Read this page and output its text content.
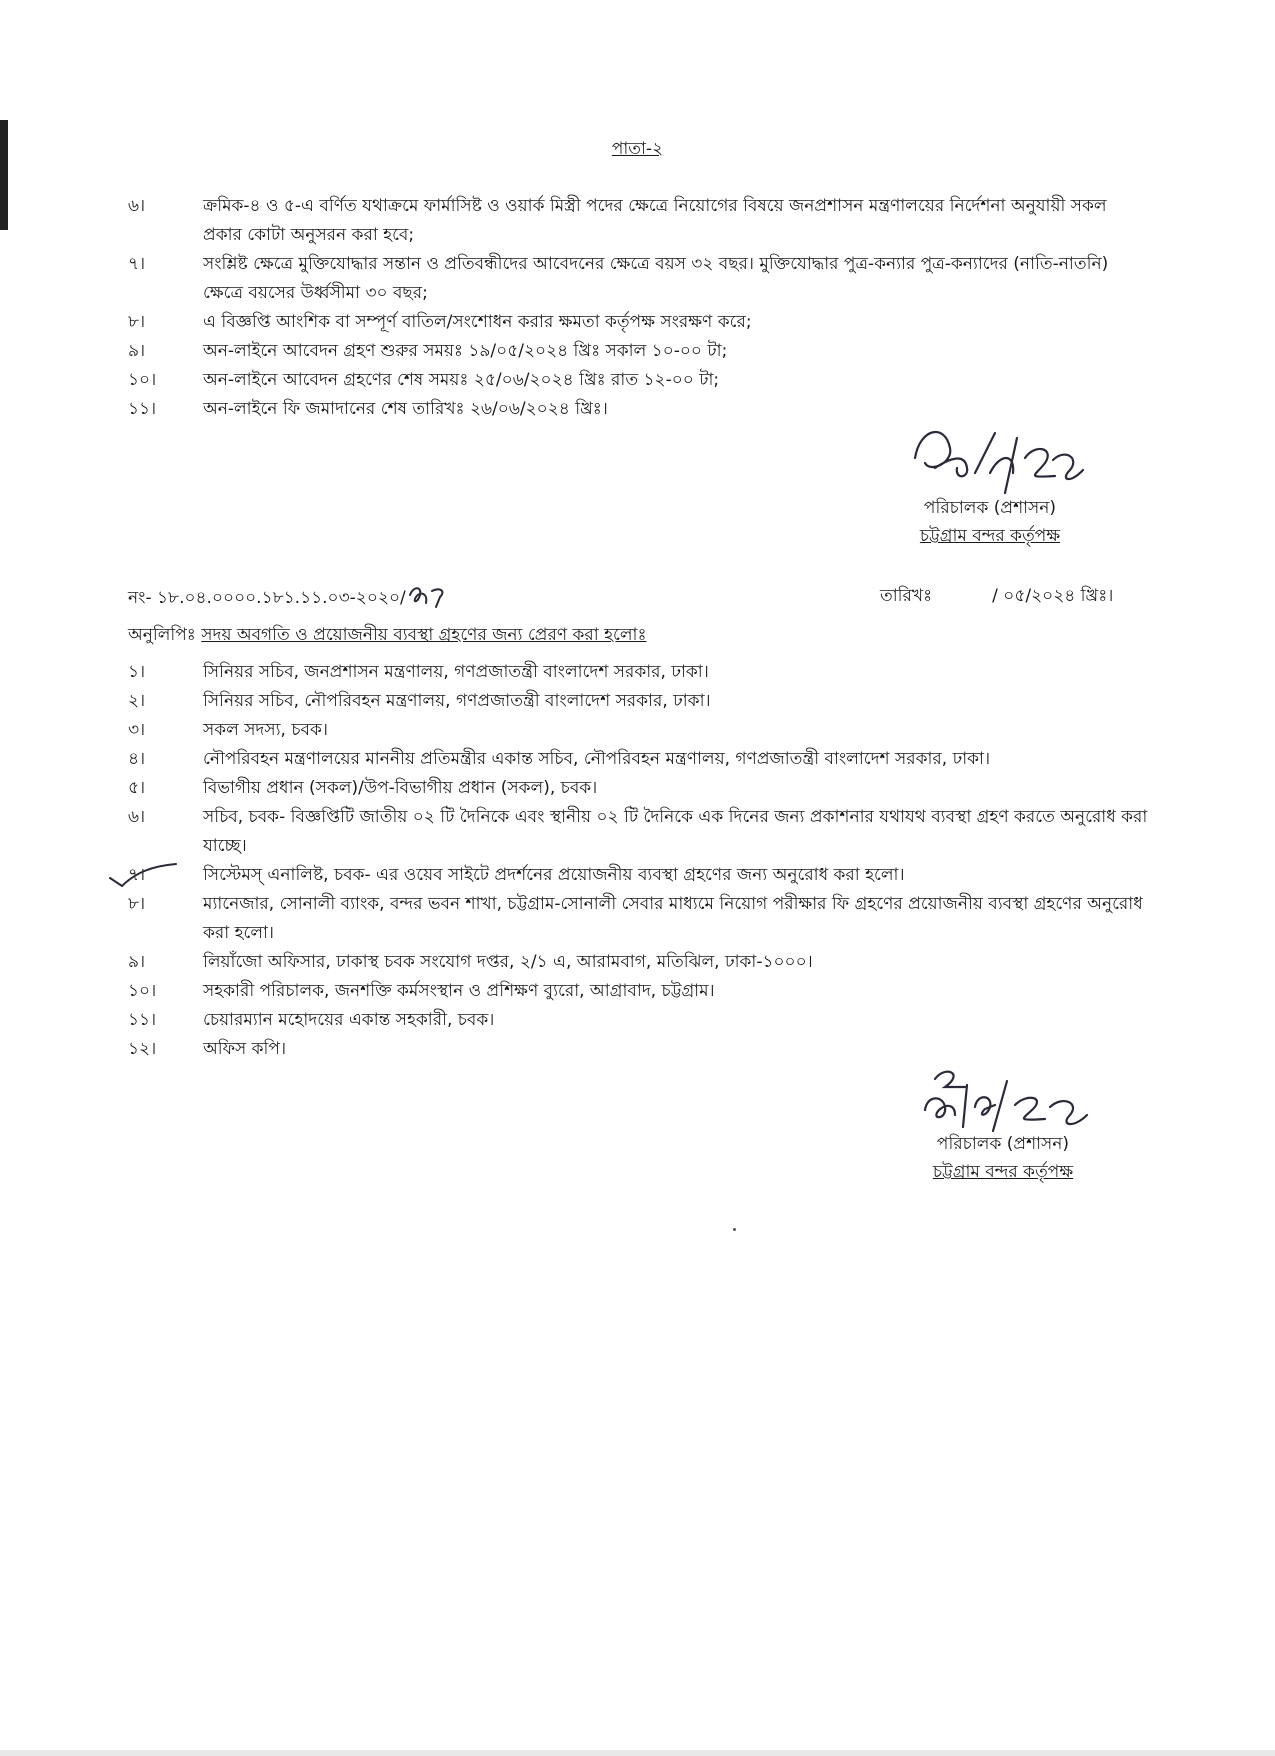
পাতা-২
৬।	ক্রমিক-৪ ও ৫-এ বর্ণিত যথাক্রমে ফার্মাসিষ্ট ও ওয়ার্ক মিস্ত্রী পদের ক্ষেত্রে নিয়োগের বিষয়ে জনপ্রশাসন মন্ত্রণালয়ের নির্দেশনা অনুযায়ী সকল প্রকার কোটা অনুসরন করা হবে;
৭।	সংশ্লিষ্ট ক্ষেত্রে মুক্তিযোদ্ধার সন্তান ও প্রতিবন্ধীদের আবেদনের ক্ষেত্রে বয়স ৩২ বছর। মুক্তিযোদ্ধার পুত্র-কন্যার পুত্র-কন্যাদের (নাতি-নাতনি) ক্ষেত্রে বয়সের উর্ধ্বসীমা ৩০ বছর;
৮।	এ বিজ্ঞপ্তি আংশিক বা সম্পূর্ণ বাতিল/সংশোধন করার ক্ষমতা কর্তৃপক্ষ সংরক্ষণ করে;
৯।	অন-লাইনে আবেদন গ্রহণ শুরুর সময়ঃ ১৯/০৫/২০২৪ খ্রিঃ সকাল ১০-০০ টা;
১০।	অন-লাইনে আবেদন গ্রহণের শেষ সময়ঃ ২৫/০৬/২০২৪ খ্রিঃ রাত ১২-০০ টা;
১১।	অন-লাইনে ফি জমাদানের শেষ তারিখঃ ২৬/০৬/২০২৪ খ্রিঃ।
পরিচালক (প্রশাসন)
চট্টগ্রাম বন্দর কর্তৃপক্ষ
নং- ১৮.০৪.০০০০.১৮১.১১.০৩-২০২০/	তারিখঃ	/ ০৫/২০২৪ খ্রিঃ।
অনুলিপিঃ সদয় অবগতি ও প্রয়োজনীয় ব্যবস্থা গ্রহণের জন্য প্রেরণ করা হলোঃ
১।	সিনিয়র সচিব, জনপ্রশাসন মন্ত্রণালয়, গণপ্রজাতন্ত্রী বাংলাদেশ সরকার, ঢাকা।
২।	সিনিয়র সচিব, নৌপরিবহন মন্ত্রণালয়, গণপ্রজাতন্ত্রী বাংলাদেশ সরকার, ঢাকা।
৩।	সকল সদস্য, চবক।
৪।	নৌপরিবহন মন্ত্রণালয়ের মাননীয় প্রতিমন্ত্রীর একান্ত সচিব, নৌপরিবহন মন্ত্রণালয়, গণপ্রজাতন্ত্রী বাংলাদেশ সরকার, ঢাকা।
৫।	বিভাগীয় প্রধান (সকল)/উপ-বিভাগীয় প্রধান (সকল), চবক।
৬।	সচিব, চবক- বিজ্ঞপ্তিটি জাতীয় ০২ টি দৈনিকে এবং স্থানীয় ০২ টি দৈনিকে এক দিনের জন্য প্রকাশনার যথাযথ ব্যবস্থা গ্রহণ করতে অনুরোধ করা যাচ্ছে।
৭।	সিস্টেমস্ এনালিষ্ট, চবক- এর ওয়েব সাইটে প্রদর্শনের প্রয়োজনীয় ব্যবস্থা গ্রহণের জন্য অনুরোধ করা হলো।
৮।	ম্যানেজার, সোনালী ব্যাংক, বন্দর ভবন শাখা, চট্টগ্রাম-সোনালী সেবার মাধ্যমে নিয়োগ পরীক্ষার ফি গ্রহণের প্রয়োজনীয় ব্যবস্থা গ্রহণের অনুরোধ করা হলো।
৯।	লিয়াঁজো অফিসার, ঢাকাস্থ চবক সংযোগ দপ্তর, ২/১ এ, আরামবাগ, মতিঝিল, ঢাকা-১০০০।
১০।	সহকারী পরিচালক, জনশক্তি কর্মসংস্থান ও প্রশিক্ষণ ব্যুরো, আগ্রাবাদ, চট্টগ্রাম।
১১।	চেয়ারম্যান মহোদয়ের একান্ত সহকারী, চবক।
১২।	অফিস কপি।
পরিচালক (প্রশাসন)
চট্টগ্রাম বন্দর কর্তৃপক্ষ
